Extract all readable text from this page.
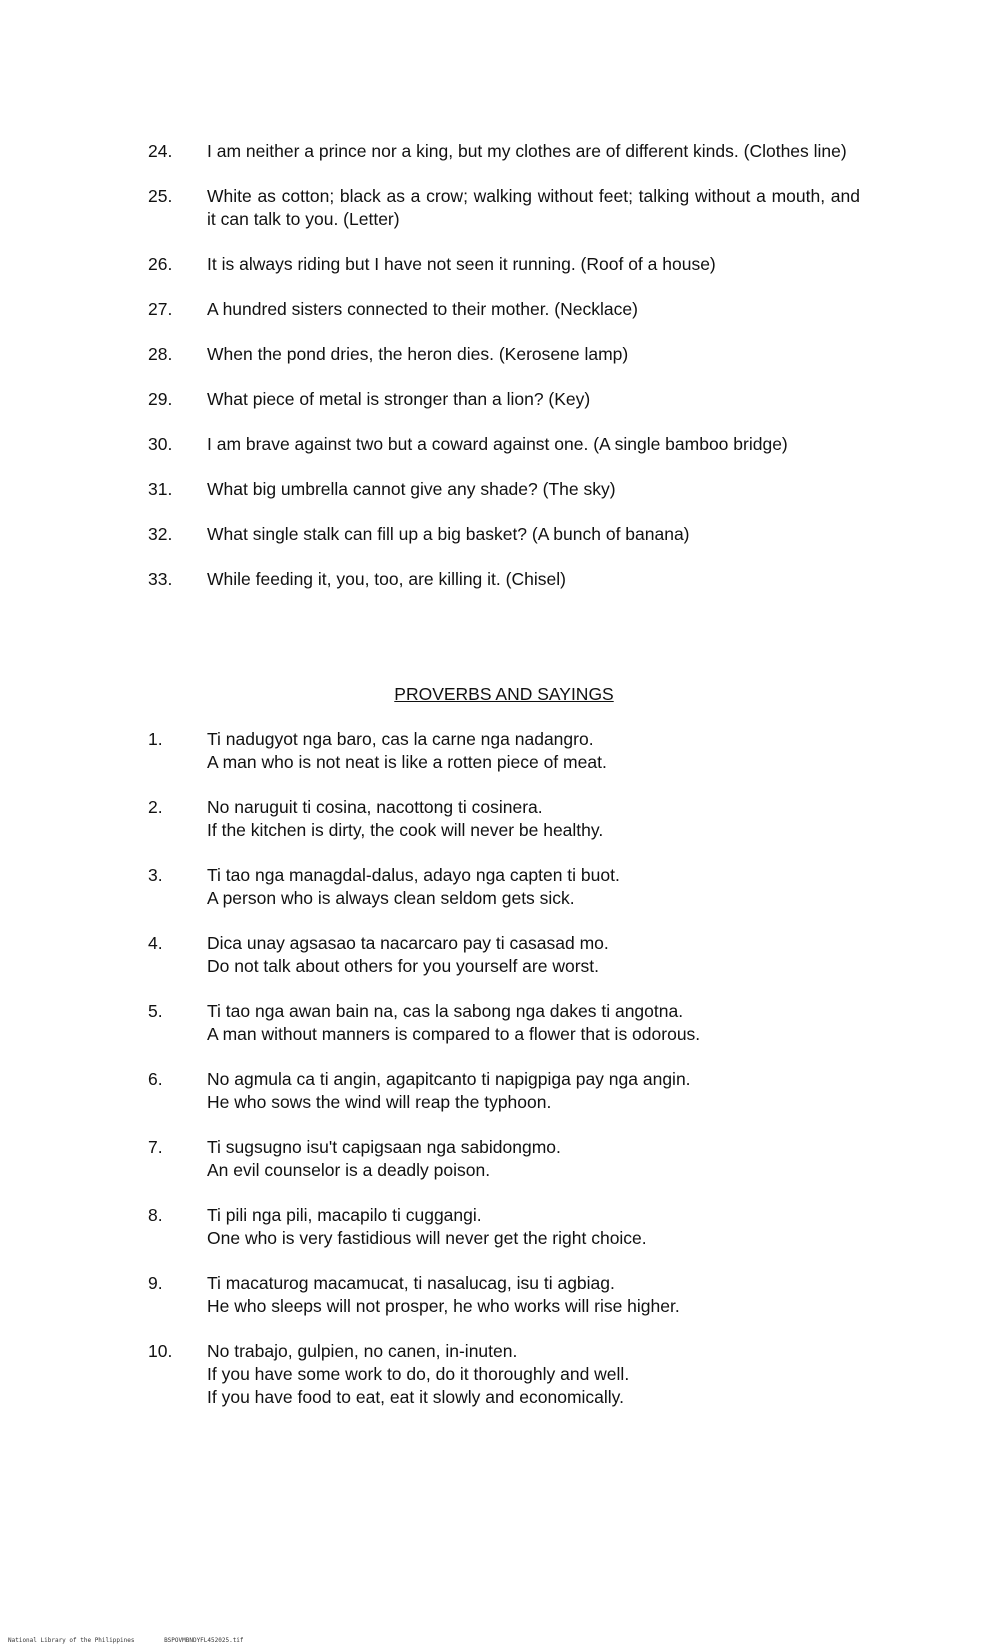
24. I am neither a prince nor a king, but my clothes are of different kinds. (Clothes line)
25. White as cotton; black as a crow; walking without feet; talking without a mouth, and it can talk to you. (Letter)
26. It is always riding but I have not seen it running. (Roof of a house)
27. A hundred sisters connected to their mother. (Necklace)
28. When the pond dries, the heron dies. (Kerosene lamp)
29. What piece of metal is stronger than a lion? (Key)
30. I am brave against two but a coward against one. (A single bamboo bridge)
31. What big umbrella cannot give any shade? (The sky)
32. What single stalk can fill up a big basket? (A bunch of banana)
33. While feeding it, you, too, are killing it. (Chisel)
PROVERBS AND SAYINGS
1.	Ti nadugyot nga baro, cas la carne nga nadangro.
A man who is not neat is like a rotten piece of meat.
2.	No naruguit ti cosina, nacottong ti cosinera.
If the kitchen is dirty, the cook will never be healthy.
3.	Ti tao nga managdal-dalus, adayo nga capten ti buot.
A person who is always clean seldom gets sick.
4.	Dica unay agsasao ta nacarcaro pay ti casasad mo.
Do not talk about others for you yourself are worst.
5.	Ti tao nga awan bain na, cas la sabong nga dakes ti angotna.
A man without manners is compared to a flower that is odorous.
6.	No agmula ca ti angin, agapitcanto ti napigpiga pay nga angin.
He who sows the wind will reap the typhoon.
7.	Ti sugsugno isu't capigsaan nga sabidongmo.
An evil counselor is a deadly poison.
8.	Ti pili nga pili, macapilo ti cuggangi.
One who is very fastidious will never get the right choice.
9.	Ti macaturog macamucat, ti nasalucag, isu ti agbiag.
He who sleeps will not prosper, he who works will rise higher.
10. No trabajo, gulpien, no canen, in-inuten.
If you have some work to do, do it thoroughly and well.
If you have food to eat, eat it slowly and economically.
National Library of the Philippines	BSPOVMBNDYFL452025.tif
